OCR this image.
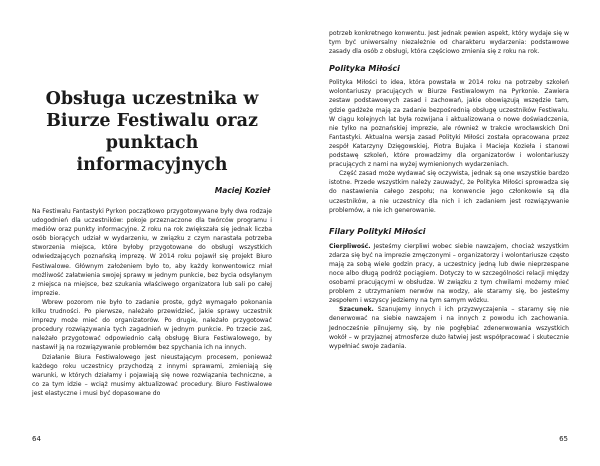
Obsługa uczestnika w Biurze Festiwalu oraz punktach informacyjnych
Maciej Kozieł

Na Festiwalu Fantastyki Pyrkon początkowo przygotowywane były dwa rodzaje udogodnień dla uczestników: pokoje przeznaczone dla twórców programu i mediów oraz punkty informacyjne. Z roku na rok zwiększała się jednak liczba osób biorących udział w wydarzeniu, w związku z czym narastała potrzeba stworzenia miejsca, które byłoby przygotowane do obsługi wszystkich odwiedzających poznańską imprezę. W 2014 roku pojawił się projekt Biuro Festiwalowe. Głównym założeniem było to, aby każdy konwentowicz miał możliwość załatwienia swojej sprawy w jednym punkcie, bez bycia odsyłanym z miejsca na miejsce, bez szukania właściwego organizatora lub sali po całej imprezie.

Wbrew pozorom nie było to zadanie proste, gdyż wymagało pokonania kilku trudności. Po pierwsze, należało przewidzieć, jakie sprawy uczestnik imprezy może mieć do organizatorów. Po drugie, należało przygotować procedury rozwiązywania tych zagadnień w jednym punkcie. Po trzecie zaś, należało przygotować odpowiednio całą obsługę Biura Festiwalowego, by nastawił ją na rozwiązywanie problemów bez spychania ich na innych.

Działanie Biura Festiwalowego jest nieustającym procesem, ponieważ każdego roku uczestnicy przychodzą z innymi sprawami, zmieniają się warunki, w których działamy i pojawiają się nowe rozwiązania techniczne, a co za tym idzie – wciąż musimy aktualizować procedury. Biuro Festiwalowe jest elastyczne i musi być dopasowane do

64

potrzeb konkretnego konwentu. Jest jednak pewien aspekt, który wydaje się w tym być uniwersalny niezależnie od charakteru wydarzenia: podstawowe zasady dla osób z obsługi, która częściowo zmienia się z roku na rok.

Polityka Miłości

Polityka Miłości to idea, która powstała w 2014 roku na potrzeby szkoleń wolontariuszy pracujących w Biurze Festiwalowym na Pyrkonie. Zawiera zestaw podstawowych zasad i zachowań, jakie obowiązują wszędzie tam, gdzie gadżeże mają za zadanie bezpośrednią obsługę uczestników Festiwalu. W ciągu kolejnych lat była rozwijana i aktualizowana o nowe doświadczenia, nie tylko na poznańskiej imprezie, ale również w trakcie wrocławskich Dni Fantastyki. Aktualna wersja zasad Polityki Miłości została opracowana przez zespół Katarzyny Dzięgowskiej, Piotra Bujaka i Macieja Kozieła i stanowi podstawę szkoleń, które prowadzimy dla organizatorów i wolontariuszy pracujących z nami na wyżej wymienionych wydarzeniach.

Część zasad może wydawać się oczywista, jednak są one wszystkie bardzo istotne. Przede wszystkim należy zauważyć, że Polityka Miłości sprowadza się do nastawienia całego zespołu; na konwencie jego członkowie są dla uczestników, a nie uczestnicy dla nich i ich zadaniem jest rozwiązywanie problemów, a nie ich generowanie.

Filary Polityki Miłości

Cierpliwość. Jesteśmy cierpliwi wobec siebie nawzajem, chociaż wszystkim zdarza się być na imprezie zmęczonymi – organizatorzy i wolontariusze często mają za sobą wiele godzin pracy, a uczestnicy jedną lub dwie nieprzespane noce albo długą podróż pociągiem. Dotyczy to w szczególności relacji między osobami pracującymi w obsłudze. W związku z tym chwilami możemy mieć problem z utrzymaniem nerwów na wodzy, ale staramy się, bo jesteśmy zespołem i wszyscy jedziemy na tym samym wózku.

Szacunek. Szanujemy innych i ich przyzwyczajenia – staramy się nie denerwować na siebie nawzajem i na innych z powodu ich zachowania. Jednocześnie pilnujemy się, by nie pogłębiać zdenerwowania wszystkich wokół – w przyjaznej atmosferze dużo łatwiej jest współpracować i skutecznie wypełniać swoje zadania.

65
